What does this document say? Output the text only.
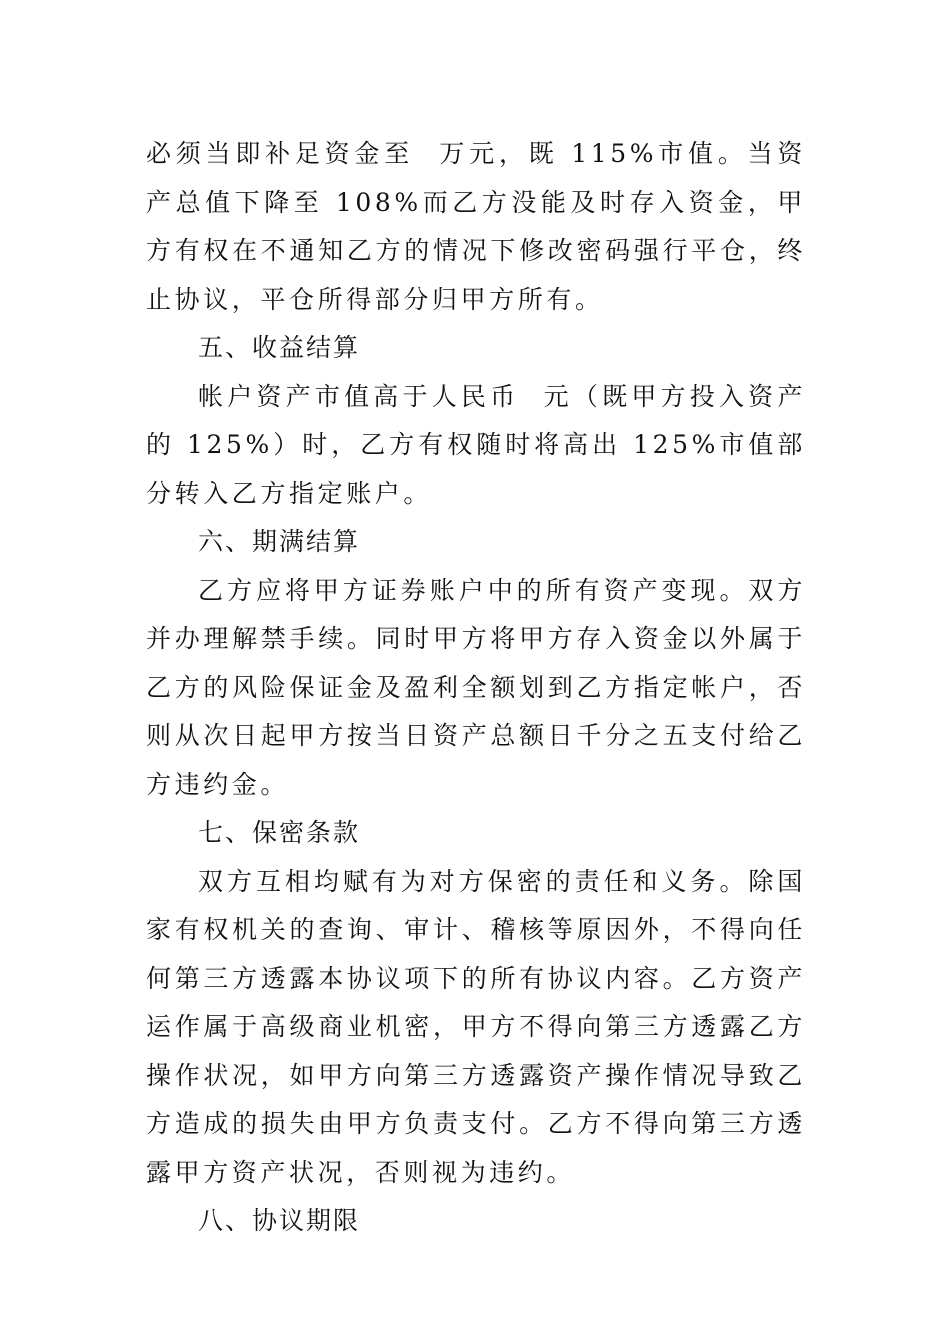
必须当即补足资金至  万元，既 115%市值。当资产总值下降至 108%而乙方没能及时存入资金，甲方有权在不通知乙方的情况下修改密码强行平仓，终止协议，平仓所得部分归甲方所有。

五、收益结算

帐户资产市值高于人民币  元（既甲方投入资产的 125%）时，乙方有权随时将高出 125%市值部分转入乙方指定账户。

六、期满结算

乙方应将甲方证券账户中的所有资产变现。双方并办理解禁手续。同时甲方将甲方存入资金以外属于乙方的风险保证金及盈利全额划到乙方指定帐户，否则从次日起甲方按当日资产总额日千分之五支付给乙方违约金。

七、保密条款

双方互相均赋有为对方保密的责任和义务。除国家有权机关的查询、审计、稽核等原因外，不得向任何第三方透露本协议项下的所有协议内容。乙方资产运作属于高级商业机密，甲方不得向第三方透露乙方操作状况，如甲方向第三方透露资产操作情况导致乙方造成的损失由甲方负责支付。乙方不得向第三方透露甲方资产状况，否则视为违约。

八、协议期限
